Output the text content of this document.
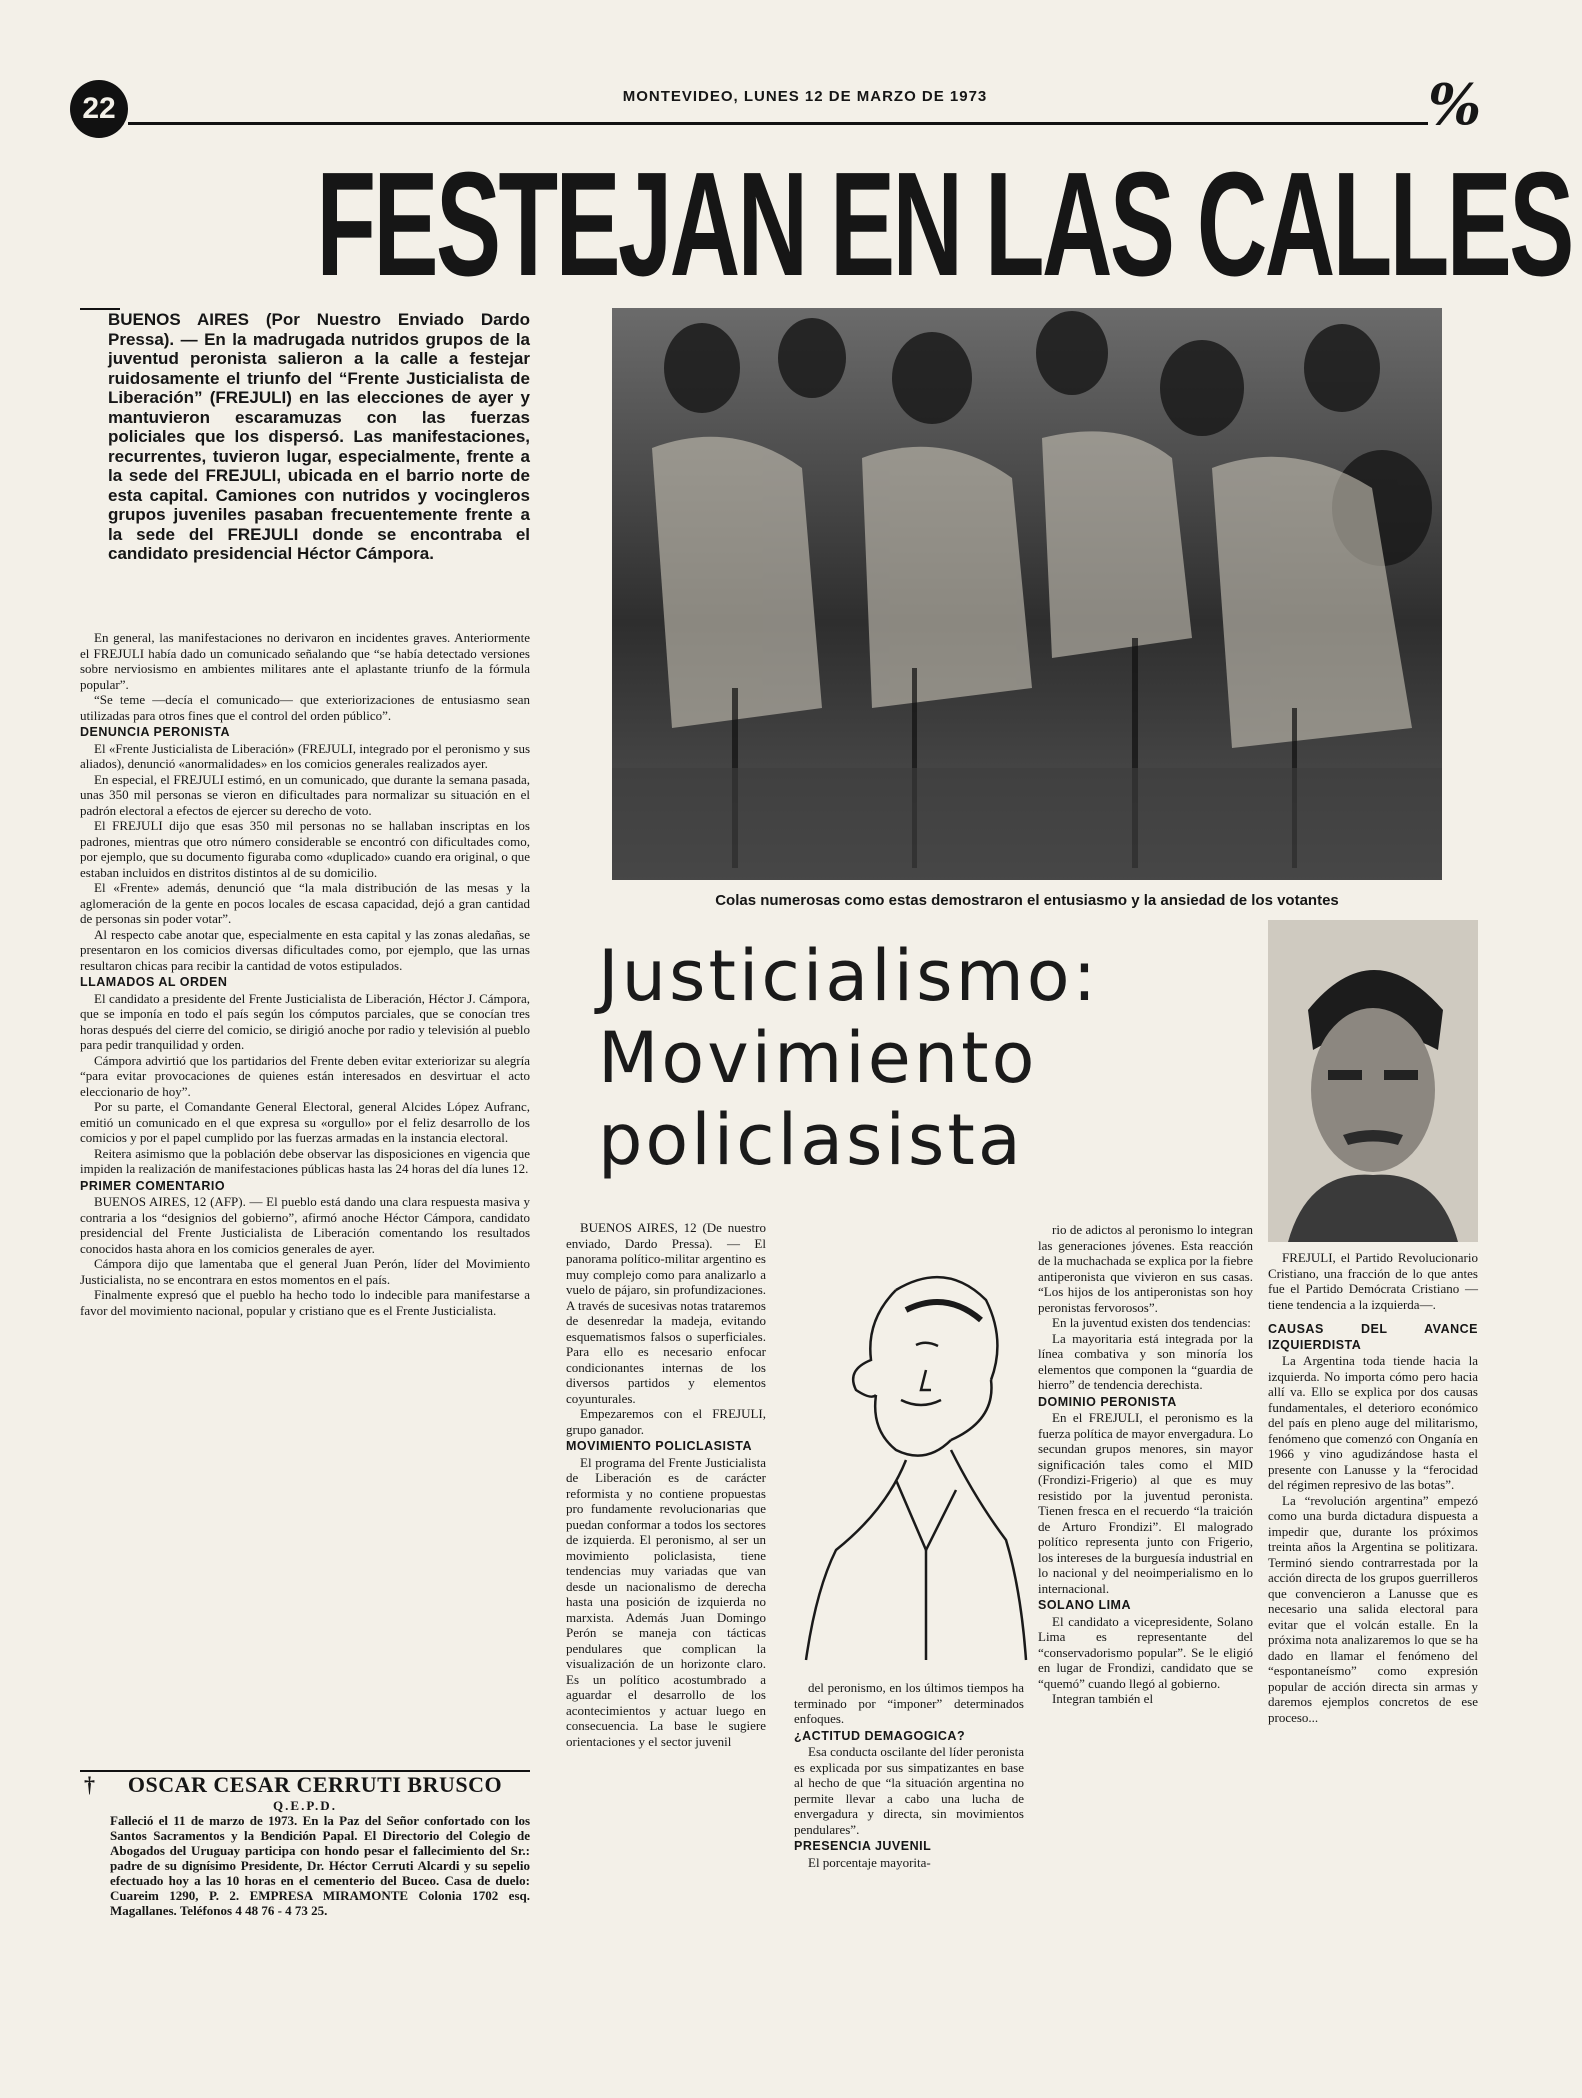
22	MONTEVIDEO, LUNES 12 DE MARZO DE 1973	%
FESTEJAN EN LAS CALLES
BUENOS AIRES (Por Nuestro Enviado Dardo Pressa). — En la madrugada nutridos grupos de la juventud peronista salieron a la calle a festejar ruidosamente el triunfo del “Frente Justicialista de Liberación” (FREJULI) en las elecciones de ayer y mantuvieron escaramuzas con las fuerzas policiales que los dispersó. Las manifestaciones, recurrentes, tuvieron lugar, especialmente, frente a la sede del FREJULI, ubicada en el barrio norte de esta capital. Camiones con nutridos y vocingleros grupos juveniles pasaban frecuentemente frente a la sede del FREJULI donde se encontraba el candidato presidencial Héctor Cámpora.

En general, las manifestaciones no derivaron en incidentes graves. Anteriormente el FREJULI había dado un comunicado señalando que “se había detectado versiones sobre nerviosismo en ambientes militares ante el aplastante triunfo de la fórmula popular”.

“Se teme —decía el comunicado— que exteriorizaciones de entusiasmo sean utilizadas para otros fines que el control del orden público”.

DENUNCIA PERONISTA

El «Frente Justicialista de Liberación» (FREJULI, integrado por el peronismo y sus aliados), denunció «anormalidades» en los comicios generales realizados ayer.

En especial, el FREJULI estimó, en un comunicado, que durante la semana pasada, unas 350 mil personas se vieron en dificultades para normalizar su situación en el padrón electoral a efectos de ejercer su derecho de voto.

El FREJULI dijo que esas 350 mil personas no se hallaban inscriptas en los padrones, mientras que otro número considerable se encontró con dificultades como, por ejemplo, que su documento figuraba como «duplicado» cuando era original, o que estaban incluidos en distritos distintos al de su domicilio.

El «Frente» además, denunció que “la mala distribución de las mesas y la aglomeración de la gente en pocos locales de escasa capacidad, dejó a gran cantidad de personas sin poder votar”.

Al respecto cabe anotar que, especialmente en esta capital y las zonas aledañas, se presentaron en los comicios diversas dificultades como, por ejemplo, que las urnas resultaron chicas para recibir la cantidad de votos estipulados.

LLAMADOS AL ORDEN

El candidato a presidente del Frente Justicialista de Liberación, Héctor J. Cámpora, que se imponía en todo el país según los cómputos parciales, que se conocían tres horas después del cierre del comicio, se dirigió anoche por radio y televisión al pueblo para pedir tranquilidad y orden.

Cámpora advirtió que los partidarios del Frente deben evitar exteriorizar su alegría “para evitar provocaciones de quienes están interesados en desvirtuar el acto eleccionario de hoy”.

Por su parte, el Comandante General Electoral, general Alcides López Aufranc, emitió un comunicado en el que expresa su «orgullo» por el feliz desarrollo de los comicios y por el papel cumplido por las fuerzas armadas en la instancia electoral.

Reitera asimismo que la población debe observar las disposiciones en vigencia que impiden la realización de manifestaciones públicas hasta las 24 horas del día lunes 12.

PRIMER COMENTARIO

BUENOS AIRES, 12 (AFP). — El pueblo está dando una clara respuesta masiva y contraria a los “designios del gobierno”, afirmó anoche Héctor Cámpora, candidato presidencial del Frente Justicialista de Liberación comentando los resultados conocidos hasta ahora en los comicios generales de ayer.

Cámpora dijo que lamentaba que el general Juan Perón, líder del Movimiento Justicialista, no se encontrara en estos momentos en el país.

Finalmente expresó que el pueblo ha hecho todo lo indecible para manifestarse a favor del movimiento nacional, popular y cristiano que es el Frente Justicialista.

Colas numerosas como estas demostraron el entusiasmo y la ansiedad de los votantes
Justicialismo:
Movimiento
policlasista

FREJULI, el Partido Revolucionario Cristiano, una fracción de lo que antes fue el Partido Demócrata Cristiano —tiene tendencia a la izquierda—.

BUENOS AIRES, 12 (De nuestro enviado, Dardo Pressa). — El panorama político-militar argentino es muy complejo como para analizarlo a vuelo de pájaro, sin profundizaciones. A través de sucesivas notas trataremos de desenredar la madeja, evitando esquematismos falsos o superficiales. Para ello es necesario enfocar condicionantes internas de los diversos partidos y elementos coyunturales.

Empezaremos con el FREJULI, grupo ganador.

MOVIMIENTO POLICLASISTA

El programa del Frente Justicialista de Liberación es de carácter reformista y no contiene propuestas pro fundamente revolucionarias que puedan conformar a todos los sectores de izquierda. El peronismo, al ser un movimiento policlasista, tiene tendencias muy variadas que van desde un nacionalismo de derecha hasta una posición de izquierda no marxista. Además Juan Domingo Perón se maneja con tácticas pendulares que complican la visualización de un horizonte claro. Es un político acostumbrado a aguardar el desarrollo de los acontecimientos y actuar luego en consecuencia. La base le sugiere orientaciones y el sector juvenil

del peronismo, en los últimos tiempos ha terminado por “imponer” determinados enfoques.

¿ACTITUD DEMAGOGICA?

Esa conducta oscilante del líder peronista es explicada por sus simpatizantes en base al hecho de que “la situación argentina no permite llevar a cabo una lucha de envergadura y directa, sin movimientos pendulares”.

PRESENCIA JUVENIL

El porcentaje mayorita-

rio de adictos al peronismo lo integran las generaciones jóvenes. Esta reacción de la muchachada se explica por la fiebre antiperonista que vivieron en sus casas. “Los hijos de los antiperonistas son hoy peronistas fervorosos”.

En la juventud existen dos tendencias:

La mayoritaria está integrada por la línea combativa y son minoría los elementos que componen la “guardia de hierro” de tendencia derechista.

DOMINIO PERONISTA

En el FREJULI, el peronismo es la fuerza política de mayor envergadura. Lo secundan grupos menores, sin mayor significación tales como el MID (Frondizi-Frigerio) al que es muy resistido por la juventud peronista. Tienen fresca en el recuerdo “la traición de Arturo Frondizi”. El malogrado político representa junto con Frigerio, los intereses de la burguesía industrial en lo nacional y del neoimperialismo en lo internacional.

SOLANO LIMA

El candidato a vicepresidente, Solano Lima es representante del “conservadorismo popular”. Se le eligió en lugar de Frondizi, candidato que se “quemó” cuando llegó al gobierno.

Integran también el

CAUSAS DEL AVANCE IZQUIERDISTA

La Argentina toda tiende hacia la izquierda. No importa cómo pero hacia allí va. Ello se explica por dos causas fundamentales, el deterioro económico del país en pleno auge del militarismo, fenómeno que comenzó con Onganía en 1966 y vino agudizándose hasta el presente con Lanusse y la “ferocidad del régimen represivo de las botas”.

La “revolución argentina” empezó como una burda dictadura dispuesta a impedir que, durante los próximos treinta años la Argentina se politizara. Terminó siendo contrarrestada por la acción directa de los grupos guerrilleros que convencieron a Lanusse que es necesario una salida electoral para evitar que el volcán estalle. En la próxima nota analizaremos lo que se ha dado en llamar el fenómeno del “espontaneísmo” como expresión popular de acción directa sin armas y daremos ejemplos concretos de ese proceso...

†	OSCAR CESAR CERRUTI BRUSCO
Q.E.P.D.
Falleció el 11 de marzo de 1973. En la Paz del Señor confortado con los Santos Sacramentos y la Bendición Papal. El Directorio del Colegio de Abogados del Uruguay participa con hondo pesar el fallecimiento del Sr.: padre de su dignísimo Presidente, Dr. Héctor Cerruti Alcardi y su sepelio efectuado hoy a las 10 horas en el cementerio del Buceo. Casa de duelo: Cuareim 1290, P. 2. EMPRESA MIRAMONTE Colonia 1702 esq. Magallanes. Teléfonos 4 48 76 - 4 73 25.
